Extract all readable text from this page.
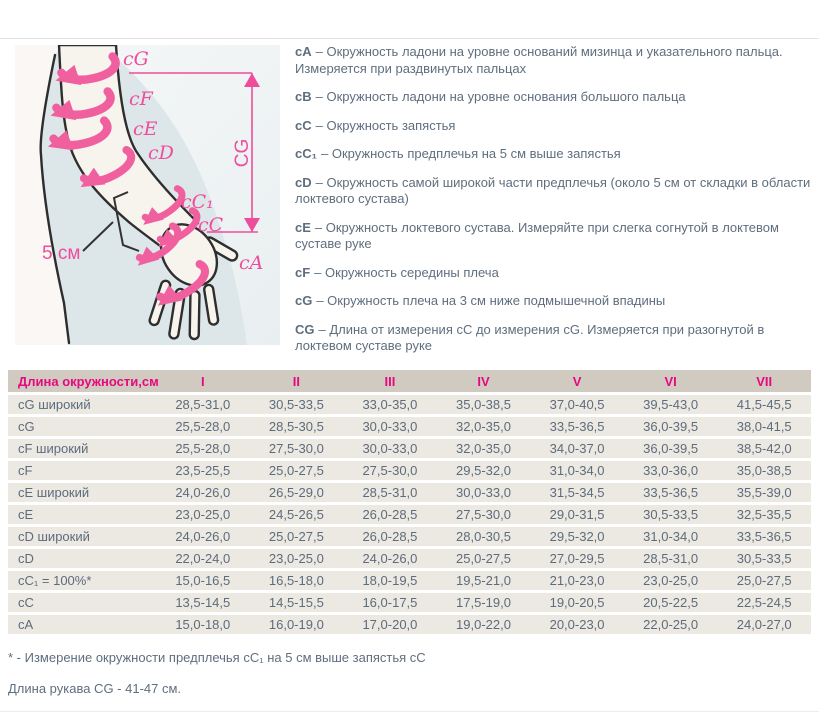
CG
5 см
cG
cF
cE
cD
cC₁
cC
cA
cA – Окружность ладони на уровне оснований мизинца и указательного пальца. Измеряется при раздвинутых пальцах
cB – Окружность ладони на уровне основания большого пальца
cC – Окружность запястья
cC₁ – Окружность предплечья на 5 см выше запястья
cD – Окружность самой широкой части предплечья (около 5 см от складки в области локтевого сустава)
cE – Окружность локтевого сустава. Измеряйте при слегка согнутой в локтевом суставе руке
cF – Окружность середины плеча
cG – Окружность плеча на 3 см ниже подмышечной впадины
CG – Длина от измерения cC до измерения cG. Измеряется при разогнутой в локтевом суставе руке
Длина окружности,см	I	II	III	IV	V	VI	VII
cG широкий	28,5-31,0	30,5-33,5	33,0-35,0	35,0-38,5	37,0-40,5	39,5-43,0	41,5-45,5
cG	25,5-28,0	28,5-30,5	30,0-33,0	32,0-35,0	33,5-36,5	36,0-39,5	38,0-41,5
cF широкий	25,5-28,0	27,5-30,0	30,0-33,0	32,0-35,0	34,0-37,0	36,0-39,5	38,5-42,0
cF	23,5-25,5	25,0-27,5	27,5-30,0	29,5-32,0	31,0-34,0	33,0-36,0	35,0-38,5
cE широкий	24,0-26,0	26,5-29,0	28,5-31,0	30,0-33,0	31,5-34,5	33,5-36,5	35,5-39,0
cE	23,0-25,0	24,5-26,5	26,0-28,5	27,5-30,0	29,0-31,5	30,5-33,5	32,5-35,5
cD широкий	24,0-26,0	25,0-27,5	26,0-28,5	28,0-30,5	29,5-32,0	31,0-34,0	33,5-36,5
cD	22,0-24,0	23,0-25,0	24,0-26,0	25,0-27,5	27,0-29,5	28,5-31,0	30,5-33,5
cC₁ = 100%*	15,0-16,5	16,5-18,0	18,0-19,5	19,5-21,0	21,0-23,0	23,0-25,0	25,0-27,5
cC	13,5-14,5	14,5-15,5	16,0-17,5	17,5-19,0	19,0-20,5	20,5-22,5	22,5-24,5
cA	15,0-18,0	16,0-19,0	17,0-20,0	19,0-22,0	20,0-23,0	22,0-25,0	24,0-27,0
* - Измерение окружности предплечья cC₁ на 5 см выше запястья cC
Длина рукава CG - 41-47 см.
